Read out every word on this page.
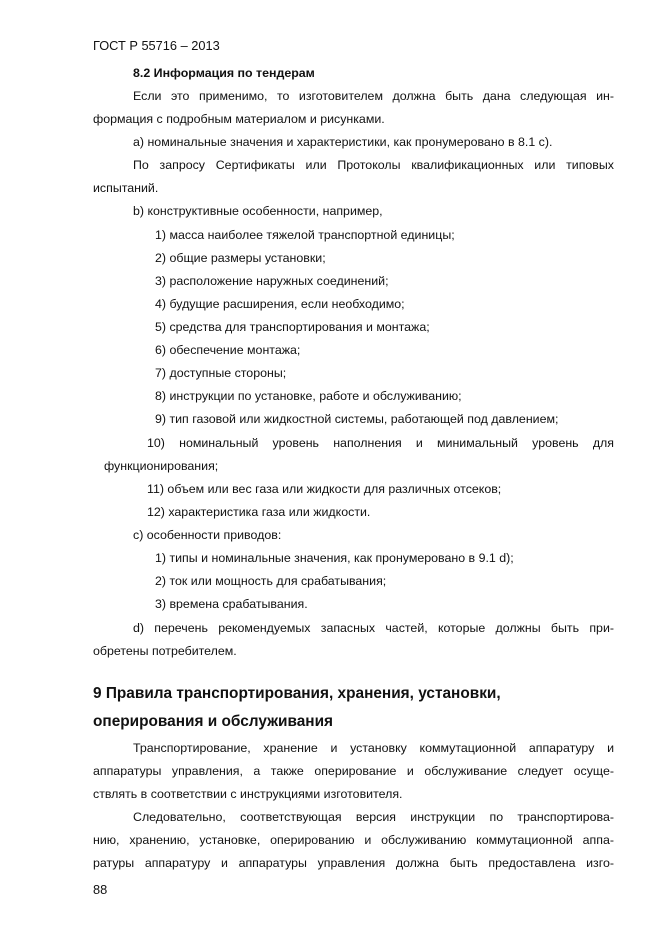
ГОСТ Р 55716 – 2013
8.2 Информация по тендерам
Если это применимо, то изготовителем должна быть дана следующая ин-
формация с подробным материалом и рисунками.
а) номинальные значения и характеристики, как пронумеровано в 8.1 c).
По запросу Сертификаты или Протоколы квалификационных или типовых
испытаний.
b) конструктивные особенности, например,
1) масса наиболее тяжелой транспортной единицы;
2) общие размеры установки;
3) расположение наружных соединений;
4) будущие расширения, если необходимо;
5) средства для транспортирования и монтажа;
6) обеспечение монтажа;
7) доступные стороны;
8) инструкции по установке, работе и обслуживанию;
9) тип газовой или жидкостной системы, работающей под давлением;
10) номинальный уровень наполнения и минимальный уровень для
функционирования;
11) объем или вес газа или жидкости для различных отсеков;
12) характеристика газа или жидкости.
c) особенности приводов:
1) типы и номинальные значения, как пронумеровано в 9.1 d);
2) ток или мощность для срабатывания;
3) времена срабатывания.
d) перечень рекомендуемых запасных частей, которые должны быть при-
обретены потребителем.
9 Правила транспортирования, хранения, установки,
оперирования и обслуживания
Транспортирование, хранение и установку коммутационной аппаратуру и
аппаратуры управления, а также оперирование и обслуживание следует осуще-
ствлять в соответствии с инструкциями изготовителя.
Следовательно, соответствующая версия инструкции по транспортирова-
нию, хранению, установке, оперированию и обслуживанию коммутационной аппа-
ратуры аппаратуру и аппаратуры управления должна быть предоставлена изго-
88
